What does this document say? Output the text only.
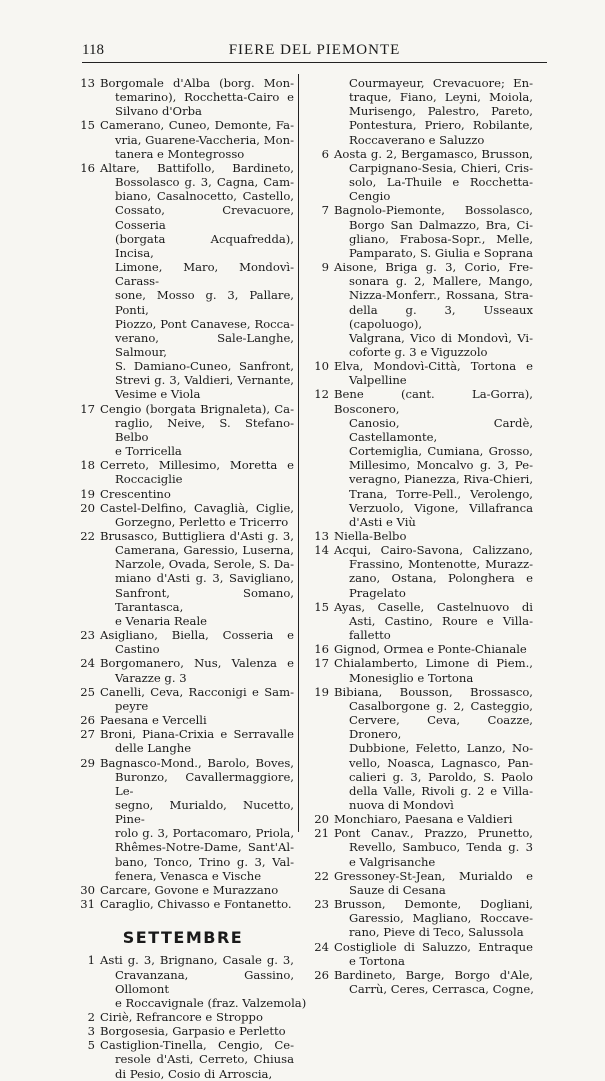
118	FIERE DEL PIEMONTE
13 Borgomale d'Alba (borg. Mon-
temarino), Rocchetta-Cairo e
Silvano d'Orba
15 Camerano, Cuneo, Demonte, Fa-
vria, Guarene-Vaccheria, Mon-
tanera e Montegrosso
16 Altare, Battifollo, Bardineto,
Bossolasco g. 3, Cagna, Cam-
biano, Casalnocetto, Castello,
Cossato, Crevacuore, Cosseria
(borgata Acquafredda), Incisa,
Limone, Maro, Mondovì-Carass-
sone, Mosso g. 3, Pallare, Ponti,
Piozzo, Pont Canavese, Rocca-
verano, Sale-Langhe, Salmour,
S. Damiano-Cuneo, Sanfront,
Strevi g. 3, Valdieri, Vernante,
Vesime e Viola
17 Cengio (borgata Brignaleta), Ca-
raglio, Neive, S. Stefano-Belbo
e Torricella
18 Cerreto, Millesimo, Moretta e
Roccaciglie
19 Crescentino
20 Castel-Delfino, Cavaglià, Ciglie,
Gorzegno, Perletto e Tricerro
22 Brusasco, Buttigliera d'Asti g. 3,
Camerana, Garessio, Luserna,
Narzole, Ovada, Serole, S. Da-
miano d'Asti g. 3, Savigliano,
Sanfront, Somano, Tarantasca,
e Venaria Reale
23 Asigliano, Biella, Cosseria e
Castino
24 Borgomanero, Nus, Valenza e
Varazze g. 3
25 Canelli, Ceva, Racconigi e Sam-
peyre
26 Paesana e Vercelli
27 Broni, Piana-Crixia e Serravalle
delle Langhe
29 Bagnasco-Mond., Barolo, Boves,
Buronzo, Cavallermaggiore, Le-
segno, Murialdo, Nucetto, Pine-
rolo g. 3, Portacomaro, Priola,
Rhêmes-Notre-Dame, Sant'Al-
bano, Tonco, Trino g. 3, Val-
fenera, Venasca e Vische
30 Carcare, Govone e Murazzano
31 Caraglio, Chivasso e Fontanetto.
SETTEMBRE
1 Asti g. 3, Brignano, Casale g. 3,
Cravanzana, Gassino, Ollomont
e Roccavignale (fraz. Valzemola)
2 Ciriè, Refrancore e Stroppo
3 Borgosesia, Garpasio e Perletto
5 Castiglion-Tinella, Cengio, Ce-
resole d'Asti, Cerreto, Chiusa
di Pesio, Cosio di Arroscia,
Courmayeur, Crevacuore; En-
traque, Fiano, Leyni, Moiola,
Murisengo, Palestro, Pareto,
Pontestura, Priero, Robilante,
Roccaverano e Saluzzo
6 Aosta g. 2, Bergamasco, Brusson,
Carpignano-Sesia, Chieri, Cris-
solo, La-Thuile e Rocchetta-
Cengio
7 Bagnolo-Piemonte, Bossolasco,
Borgo San Dalmazzo, Bra, Ci-
gliano, Frabosa-Sopr., Melle,
Pamparato, S. Giulia e Soprana
9 Aisone, Briga g. 3, Corio, Fre-
sonara g. 2, Mallere, Mango,
Nizza-Monferr., Rossana, Stra-
della g. 3, Usseaux (capoluogo),
Valgrana, Vico di Mondovì, Vi-
coforte g. 3 e Viguzzolo
10 Elva, Mondovì-Città, Tortona e
Valpelline
12 Bene (cant. La-Gorra), Bosconero,
Canosio, Cardè, Castellamonte,
Cortemiglia, Cumiana, Grosso,
Millesimo, Moncalvo g. 3, Pe-
veragno, Pianezza, Riva-Chieri,
Trana, Torre-Pell., Verolengo,
Verzuolo, Vigone, Villafranca
d'Asti e Viù
13 Niella-Belbo
14 Acqui, Cairo-Savona, Calizzano,
Frassino, Montenotte, Murazz-
zano, Ostana, Polonghera e
Pragelato
15 Ayas, Caselle, Castelnuovo di
Asti, Castino, Roure e Villa-
falletto
16 Gignod, Ormea e Ponte-Chianale
17 Chialamberto, Limone di Piem.,
Monesiglio e Tortona
19 Bibiana, Bousson, Brossasco,
Casalborgone g. 2, Casteggio,
Cervere, Ceva, Coazze, Dronero,
Dubbione, Feletto, Lanzo, No-
vello, Noasca, Lagnasco, Pan-
calieri g. 3, Paroldo, S. Paolo
della Valle, Rivoli g. 2 e Villa-
nuova di Mondovì
20 Monchiaro, Paesana e Valdieri
21 Pont Canav., Prazzo, Prunetto,
Revello, Sambuco, Tenda g. 3
e Valgrisanche
22 Gressoney-St-Jean, Murialdo e
Sauze di Cesana
23 Brusson, Demonte, Dogliani,
Garessio, Magliano, Roccave-
rano, Pieve di Teco, Salussola
24 Costigliole di Saluzzo, Entraque
e Tortona
26 Bardineto, Barge, Borgo d'Ale,
Carrù, Ceres, Cerrasca, Cogne,
